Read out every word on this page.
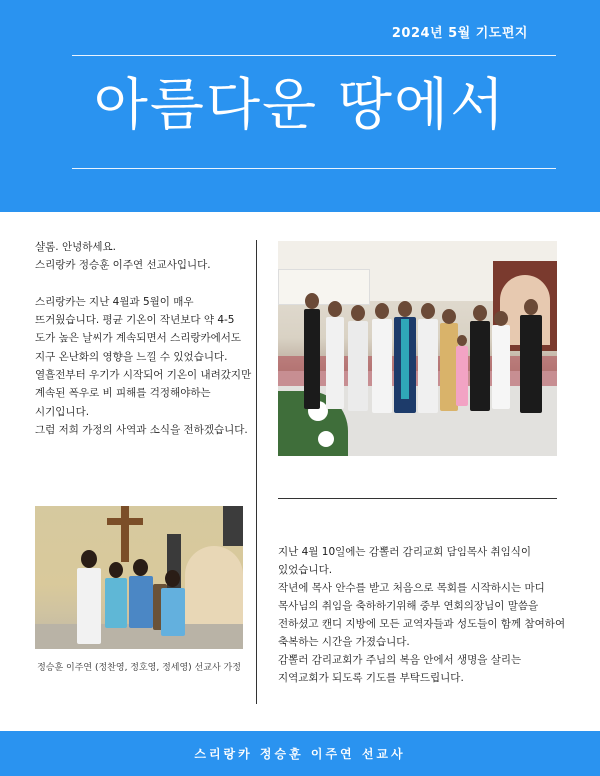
2024년 5월 기도편지
아름다운 땅에서
샬롬. 안녕하세요.
스리랑카 정승훈 이주연 선교사입니다.

스리랑카는 지난 4월과 5월이 매우
뜨거웠습니다. 평균 기온이 작년보다 약 4-5
도가 높은 날씨가 계속되면서 스리랑카에서도
지구 온난화의 영향을 느낄 수 있었습니다.
열흘전부터 우기가 시작되어 기온이 내려갔지만
계속된 폭우로 비 피해를 걱정해야하는
시기입니다.
그럼 저희 가정의 사역과 소식을 전하겠습니다.
정승훈 이주연 (정찬영, 정호영, 정세영) 선교사 가정
지난 4월 10일에는 감뽈러 감리교회 담임목사 취임식이
있었습니다.
작년에 목사 안수를 받고 처음으로 목회를 시작하시는 마디
목사님의 취임을 축하하기위해 중부 연회의장님이 말씀을
전하셨고 캔디 지방에 모든 교역자들과 성도들이 함께 참여하여
축복하는 시간을 가졌습니다.
감뽈러 감리교회가 주님의 복음 안에서 생명을 살리는
지역교회가 되도록 기도를 부탁드립니다.
스리랑카 정승훈 이주연 선교사
